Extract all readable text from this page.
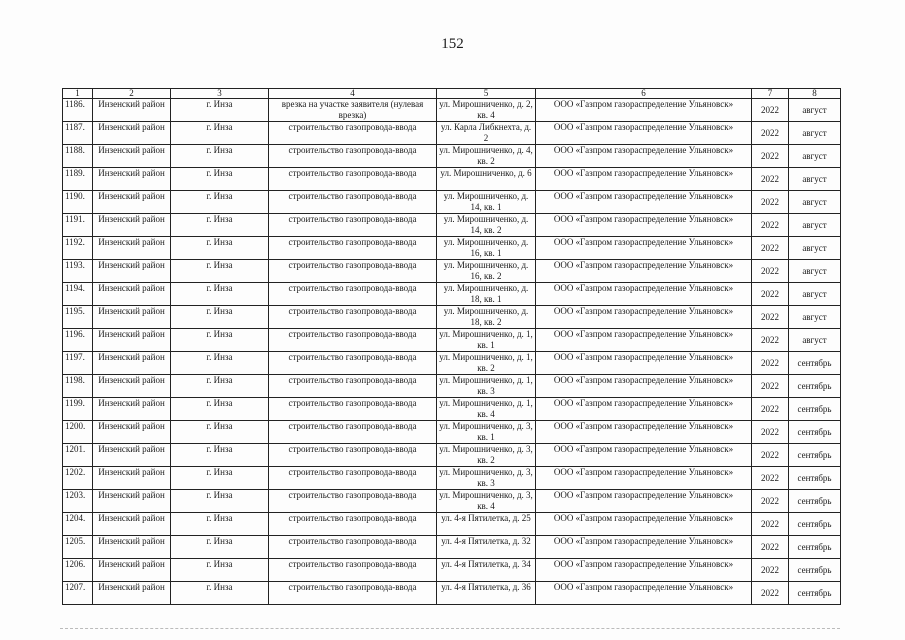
152
1	2	3	4	5	6	7	8
1186.	Инзенский район	г. Инза	врезка на участке заявителя (нулевая врезка)	ул. Мирошниченко, д. 2, кв. 4	ООО «Газпром газораспределение Ульяновск»	2022	август
1187.	Инзенский район	г. Инза	строительство газопровода-ввода	ул. Карла Либкнехта, д. 2	ООО «Газпром газораспределение Ульяновск»	2022	август
1188.	Инзенский район	г. Инза	строительство газопровода-ввода	ул. Мирошниченко, д. 4, кв. 2	ООО «Газпром газораспределение Ульяновск»	2022	август
1189.	Инзенский район	г. Инза	строительство газопровода-ввода	ул. Мирошниченко, д. 6	ООО «Газпром газораспределение Ульяновск»	2022	август
1190.	Инзенский район	г. Инза	строительство газопровода-ввода	ул. Мирошниченко, д. 14, кв. 1	ООО «Газпром газораспределение Ульяновск»	2022	август
1191.	Инзенский район	г. Инза	строительство газопровода-ввода	ул. Мирошниченко, д. 14, кв. 2	ООО «Газпром газораспределение Ульяновск»	2022	август
1192.	Инзенский район	г. Инза	строительство газопровода-ввода	ул. Мирошниченко, д. 16, кв. 1	ООО «Газпром газораспределение Ульяновск»	2022	август
1193.	Инзенский район	г. Инза	строительство газопровода-ввода	ул. Мирошниченко, д. 16, кв. 2	ООО «Газпром газораспределение Ульяновск»	2022	август
1194.	Инзенский район	г. Инза	строительство газопровода-ввода	ул. Мирошниченко, д. 18, кв. 1	ООО «Газпром газораспределение Ульяновск»	2022	август
1195.	Инзенский район	г. Инза	строительство газопровода-ввода	ул. Мирошниченко, д. 18, кв. 2	ООО «Газпром газораспределение Ульяновск»	2022	август
1196.	Инзенский район	г. Инза	строительство газопровода-ввода	ул. Мирошниченко, д. 1, кв. 1	ООО «Газпром газораспределение Ульяновск»	2022	август
1197.	Инзенский район	г. Инза	строительство газопровода-ввода	ул. Мирошниченко, д. 1, кв. 2	ООО «Газпром газораспределение Ульяновск»	2022	сентябрь
1198.	Инзенский район	г. Инза	строительство газопровода-ввода	ул. Мирошниченко, д. 1, кв. 3	ООО «Газпром газораспределение Ульяновск»	2022	сентябрь
1199.	Инзенский район	г. Инза	строительство газопровода-ввода	ул. Мирошниченко, д. 1, кв. 4	ООО «Газпром газораспределение Ульяновск»	2022	сентябрь
1200.	Инзенский район	г. Инза	строительство газопровода-ввода	ул. Мирошниченко, д. 3, кв. 1	ООО «Газпром газораспределение Ульяновск»	2022	сентябрь
1201.	Инзенский район	г. Инза	строительство газопровода-ввода	ул. Мирошниченко, д. 3, кв. 2	ООО «Газпром газораспределение Ульяновск»	2022	сентябрь
1202.	Инзенский район	г. Инза	строительство газопровода-ввода	ул. Мирошниченко, д. 3, кв. 3	ООО «Газпром газораспределение Ульяновск»	2022	сентябрь
1203.	Инзенский район	г. Инза	строительство газопровода-ввода	ул. Мирошниченко, д. 3, кв. 4	ООО «Газпром газораспределение Ульяновск»	2022	сентябрь
1204.	Инзенский район	г. Инза	строительство газопровода-ввода	ул. 4-я Пятилетка, д. 25	ООО «Газпром газораспределение Ульяновск»	2022	сентябрь
1205.	Инзенский район	г. Инза	строительство газопровода-ввода	ул. 4-я Пятилетка, д. 32	ООО «Газпром газораспределение Ульяновск»	2022	сентябрь
1206.	Инзенский район	г. Инза	строительство газопровода-ввода	ул. 4-я Пятилетка, д. 34	ООО «Газпром газораспределение Ульяновск»	2022	сентябрь
1207.	Инзенский район	г. Инза	строительство газопровода-ввода	ул. 4-я Пятилетка, д. 36	ООО «Газпром газораспределение Ульяновск»	2022	сентябрь
